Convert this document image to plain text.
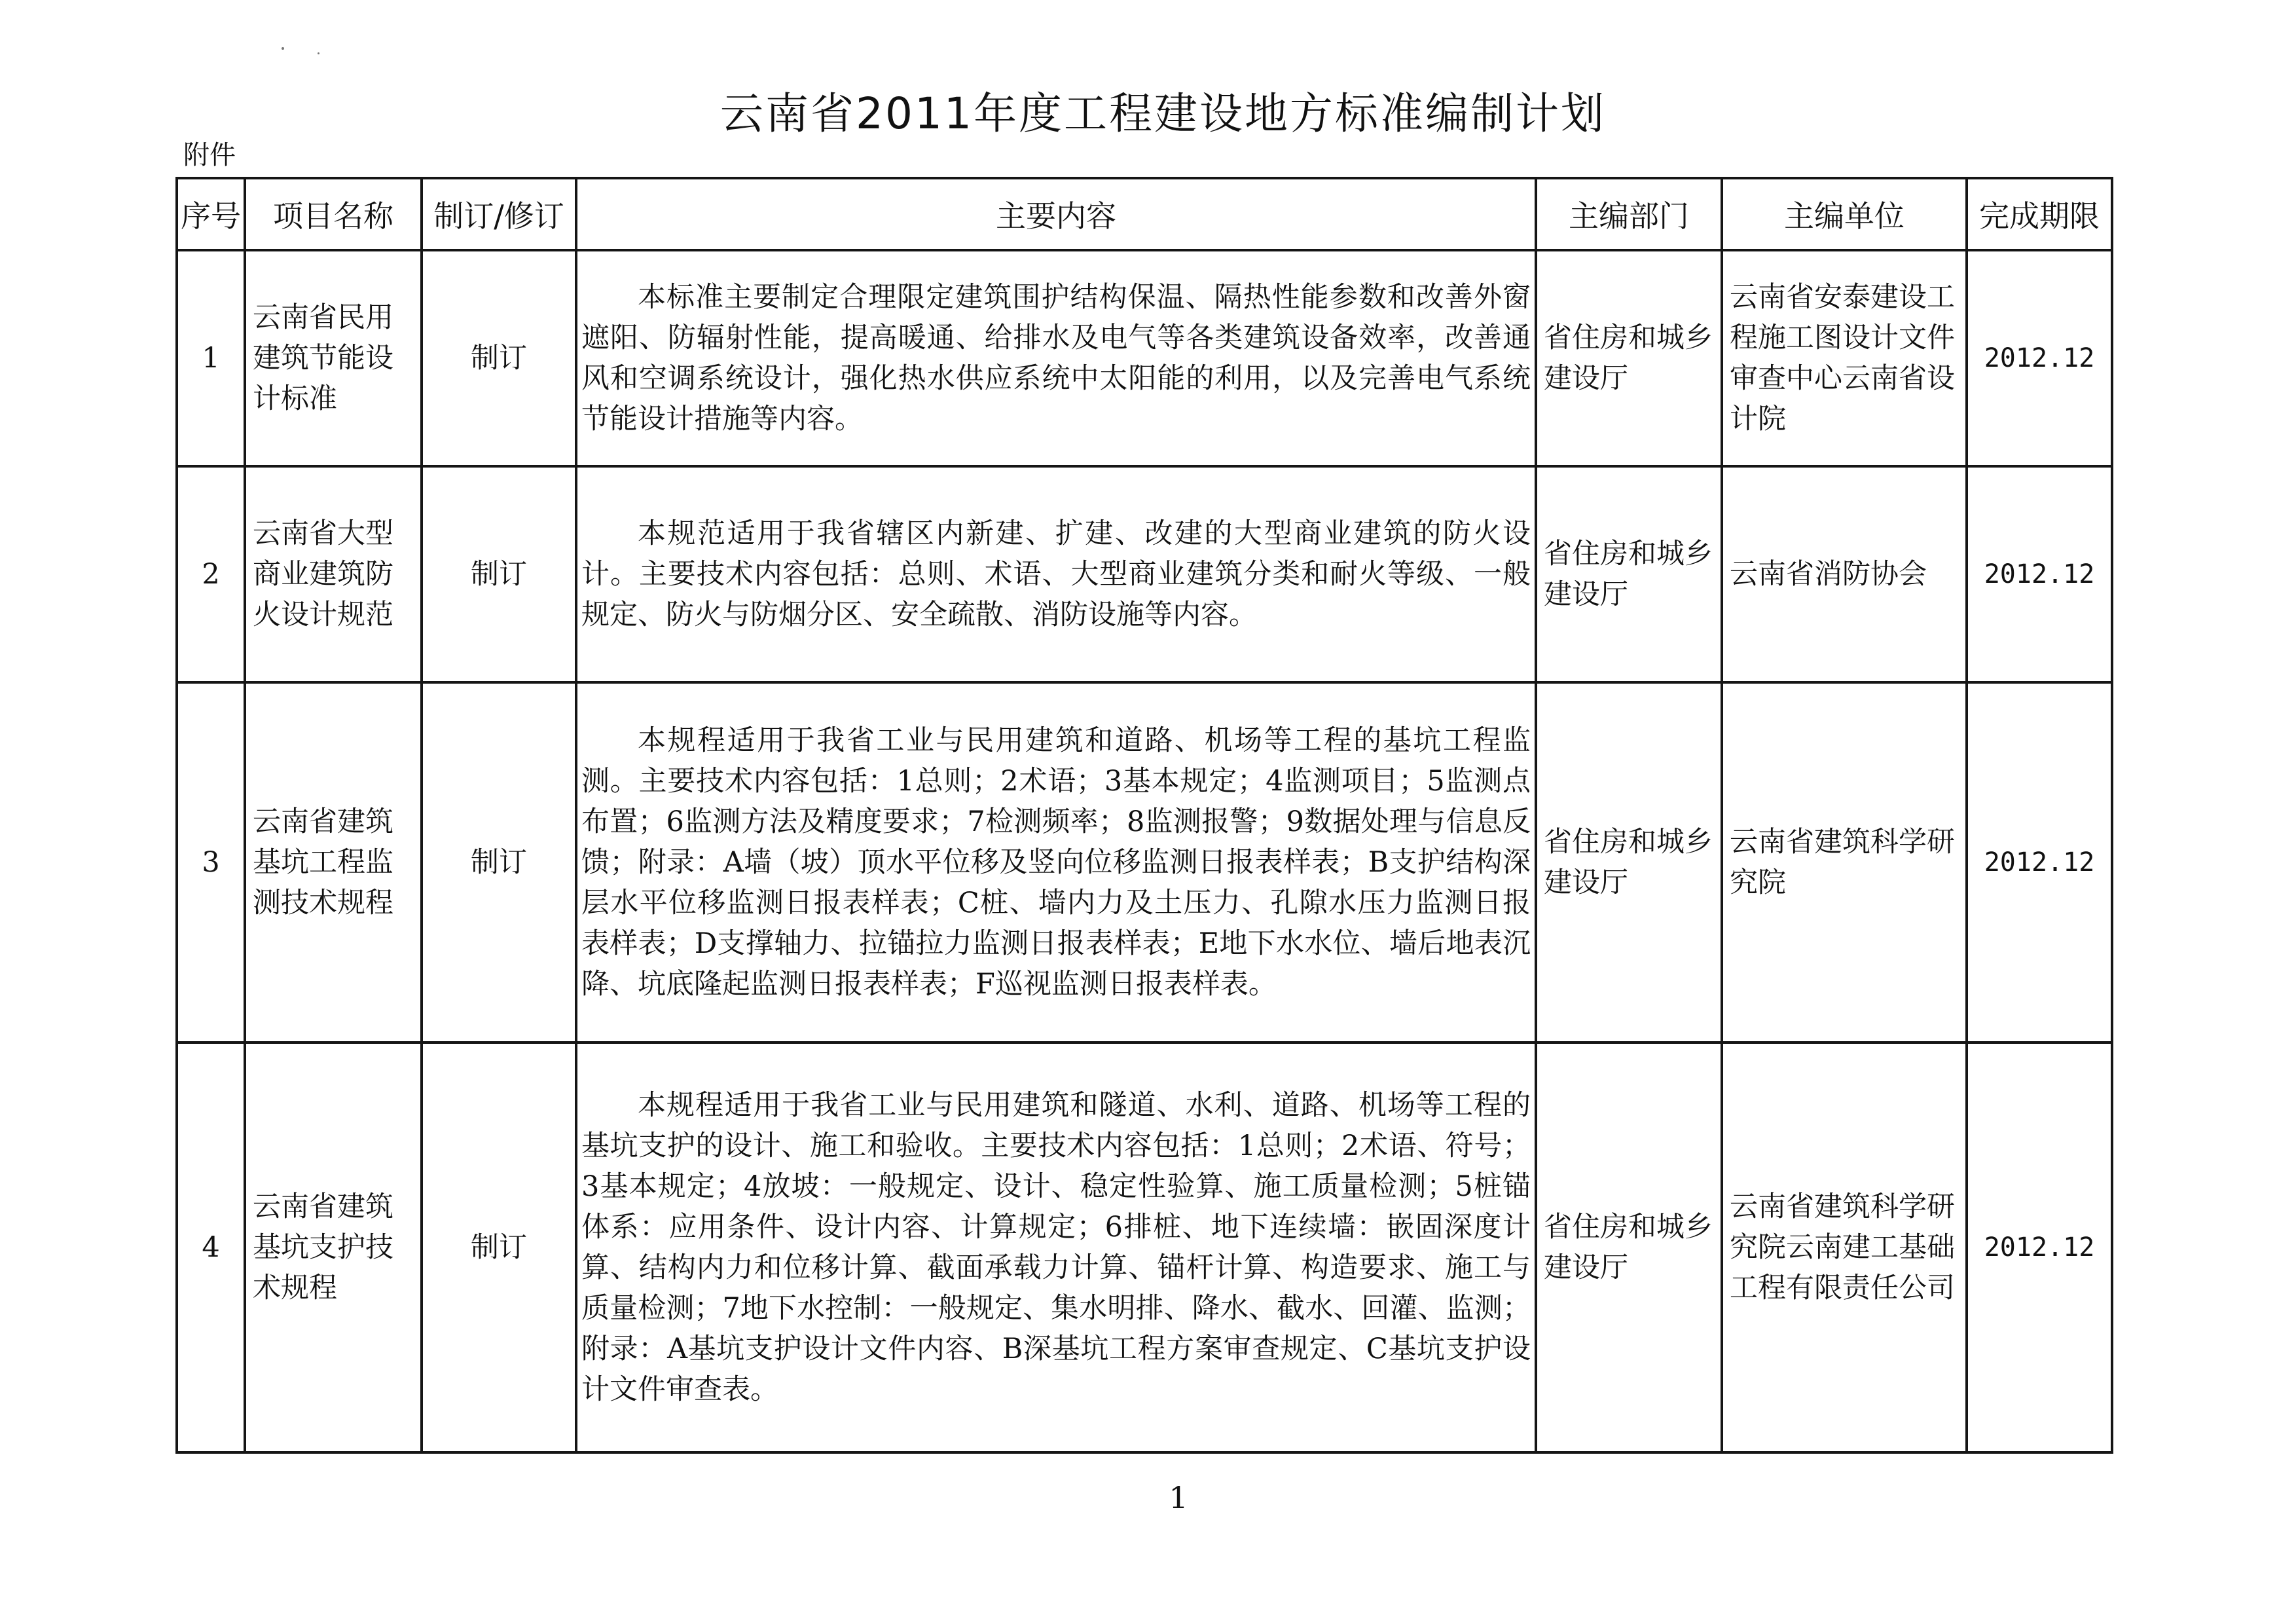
云南省2011年度工程建设地方标准编制计划
附件
序号	项目名称	制订/修订	主要内容	主编部门	主编单位	完成期限
1	云南省民用建筑节能设计标准	制订	本标准主要制定合理限定建筑围护结构保温、隔热性能参数和改善外窗遮阳、防辐射性能，提高暖通、给排水及电气等各类建筑设备效率，改善通风和空调系统设计，强化热水供应系统中太阳能的利用，以及完善电气系统节能设计措施等内容。	省住房和城乡建设厅	云南省安泰建设工程施工图设计文件审查中心云南省设计院	2012.12
2	云南省大型商业建筑防火设计规范	制订	本规范适用于我省辖区内新建、扩建、改建的大型商业建筑的防火设计。主要技术内容包括：总则、术语、大型商业建筑分类和耐火等级、一般规定、防火与防烟分区、安全疏散、消防设施等内容。	省住房和城乡建设厅	云南省消防协会	2012.12
3	云南省建筑基坑工程监测技术规程	制订	本规程适用于我省工业与民用建筑和道路、机场等工程的基坑工程监测。主要技术内容包括：1总则；2术语；3基本规定；4监测项目；5监测点布置；6监测方法及精度要求；7检测频率；8监测报警；9数据处理与信息反馈；附录：A墙（坡）顶水平位移及竖向位移监测日报表样表；B支护结构深层水平位移监测日报表样表；C桩、墙内力及土压力、孔隙水压力监测日报表样表；D支撑轴力、拉锚拉力监测日报表样表；E地下水水位、墙后地表沉降、坑底隆起监测日报表样表；F巡视监测日报表样表。	省住房和城乡建设厅	云南省建筑科学研究院	2012.12
4	云南省建筑基坑支护技术规程	制订	本规程适用于我省工业与民用建筑和隧道、水利、道路、机场等工程的基坑支护的设计、施工和验收。主要技术内容包括：1总则；2术语、符号；3基本规定；4放坡：一般规定、设计、稳定性验算、施工质量检测；5桩锚体系：应用条件、设计内容、计算规定；6排桩、地下连续墙：嵌固深度计算、结构内力和位移计算、截面承载力计算、锚杆计算、构造要求、施工与质量检测；7地下水控制：一般规定、集水明排、降水、截水、回灌、监测；附录：A基坑支护设计文件内容、B深基坑工程方案审查规定、C基坑支护设计文件审查表。	省住房和城乡建设厅	云南省建筑科学研究院云南建工基础工程有限责任公司	2012.12
1
